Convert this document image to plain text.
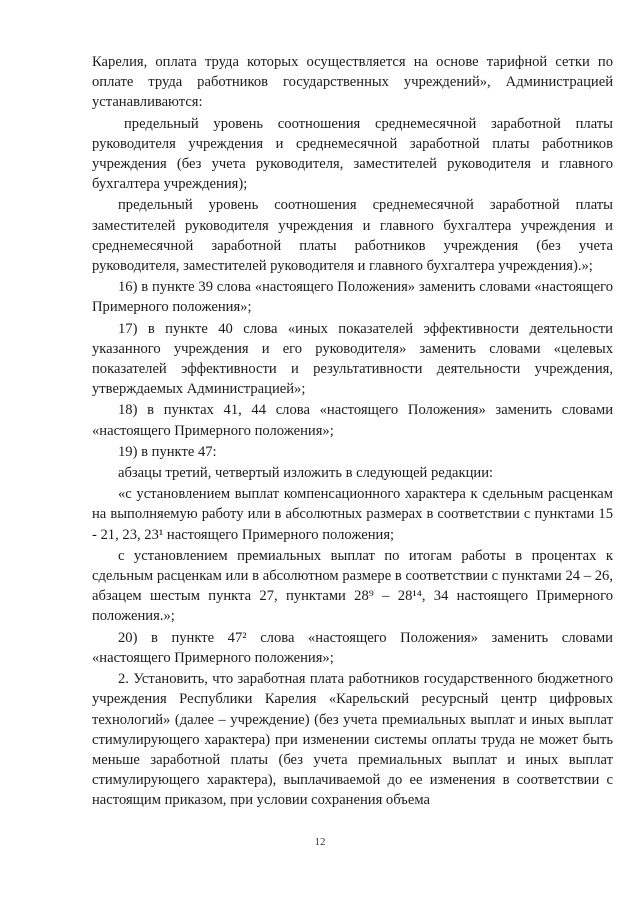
Карелия, оплата труда которых осуществляется на основе тарифной сетки по оплате труда работников государственных учреждений», Администрацией устанавливаются:

предельный уровень соотношения среднемесячной заработной платы руководителя учреждения и среднемесячной заработной платы работников учреждения (без учета руководителя, заместителей руководителя и главного бухгалтера учреждения);

предельный уровень соотношения среднемесячной заработной платы заместителей руководителя учреждения и главного бухгалтера учреждения и среднемесячной заработной платы работников учреждения (без учета руководителя, заместителей руководителя и главного бухгалтера учреждения).»;

16) в пункте 39 слова «настоящего Положения» заменить словами «настоящего Примерного положения»;

17) в пункте 40 слова «иных показателей эффективности деятельности указанного учреждения и его руководителя» заменить словами «целевых показателей эффективности и результативности деятельности учреждения, утверждаемых Администрацией»;

18) в пунктах 41, 44 слова «настоящего Положения» заменить словами «настоящего Примерного положения»;

19) в пункте 47:

абзацы третий, четвертый изложить в следующей редакции:

«с установлением выплат компенсационного характера к сдельным расценкам на выполняемую работу или в абсолютных размерах в соответствии с пунктами 15 - 21, 23, 23¹ настоящего Примерного положения;

с установлением премиальных выплат по итогам работы в процентах к сдельным расценкам или в абсолютном размере в соответствии с пунктами 24 – 26, абзацем шестым пункта 27, пунктами 28⁹ – 28¹⁴, 34 настоящего Примерного положения.»;

20) в пункте 47² слова «настоящего Положения» заменить словами «настоящего Примерного положения»;

2. Установить, что заработная плата работников государственного бюджетного учреждения Республики Карелия «Карельский ресурсный центр цифровых технологий» (далее – учреждение) (без учета премиальных выплат и иных выплат стимулирующего характера) при изменении системы оплаты труда не может быть меньше заработной платы (без учета премиальных выплат и иных выплат стимулирующего характера), выплачиваемой до ее изменения в соответствии с настоящим приказом, при условии сохранения объема

12
